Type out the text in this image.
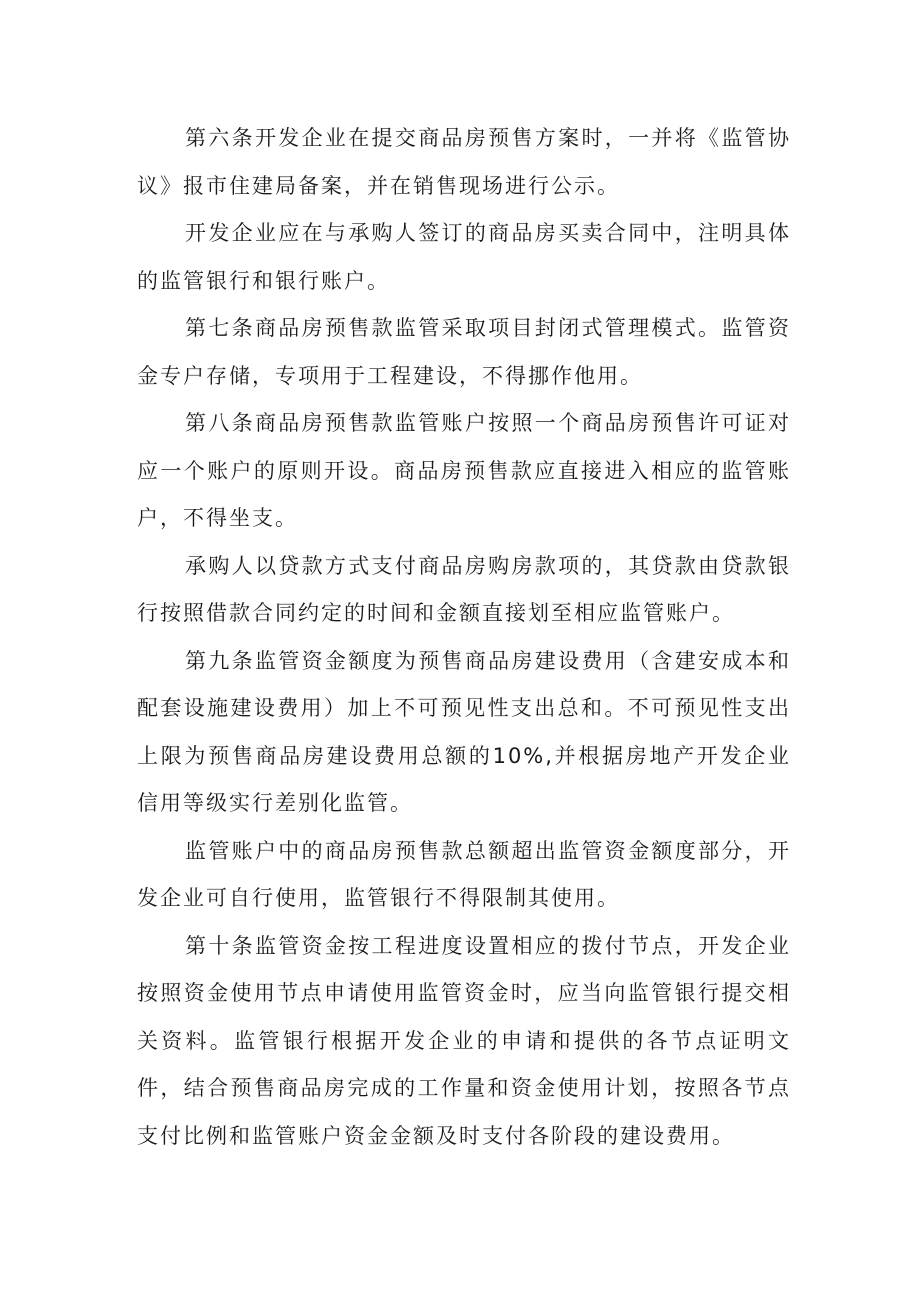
第六条开发企业在提交商品房预售方案时，一并将《监管协议》报市住建局备案，并在销售现场进行公示。

开发企业应在与承购人签订的商品房买卖合同中，注明具体的监管银行和银行账户。

第七条商品房预售款监管采取项目封闭式管理模式。监管资金专户存储，专项用于工程建设，不得挪作他用。

第八条商品房预售款监管账户按照一个商品房预售许可证对应一个账户的原则开设。商品房预售款应直接进入相应的监管账户，不得坐支。

承购人以贷款方式支付商品房购房款项的，其贷款由贷款银行按照借款合同约定的时间和金额直接划至相应监管账户。

第九条监管资金额度为预售商品房建设费用（含建安成本和配套设施建设费用）加上不可预见性支出总和。不可预见性支出上限为预售商品房建设费用总额的10%,并根据房地产开发企业信用等级实行差别化监管。

监管账户中的商品房预售款总额超出监管资金额度部分，开发企业可自行使用，监管银行不得限制其使用。

第十条监管资金按工程进度设置相应的拨付节点，开发企业按照资金使用节点申请使用监管资金时，应当向监管银行提交相关资料。监管银行根据开发企业的申请和提供的各节点证明文件，结合预售商品房完成的工作量和资金使用计划，按照各节点支付比例和监管账户资金金额及时支付各阶段的建设费用。
